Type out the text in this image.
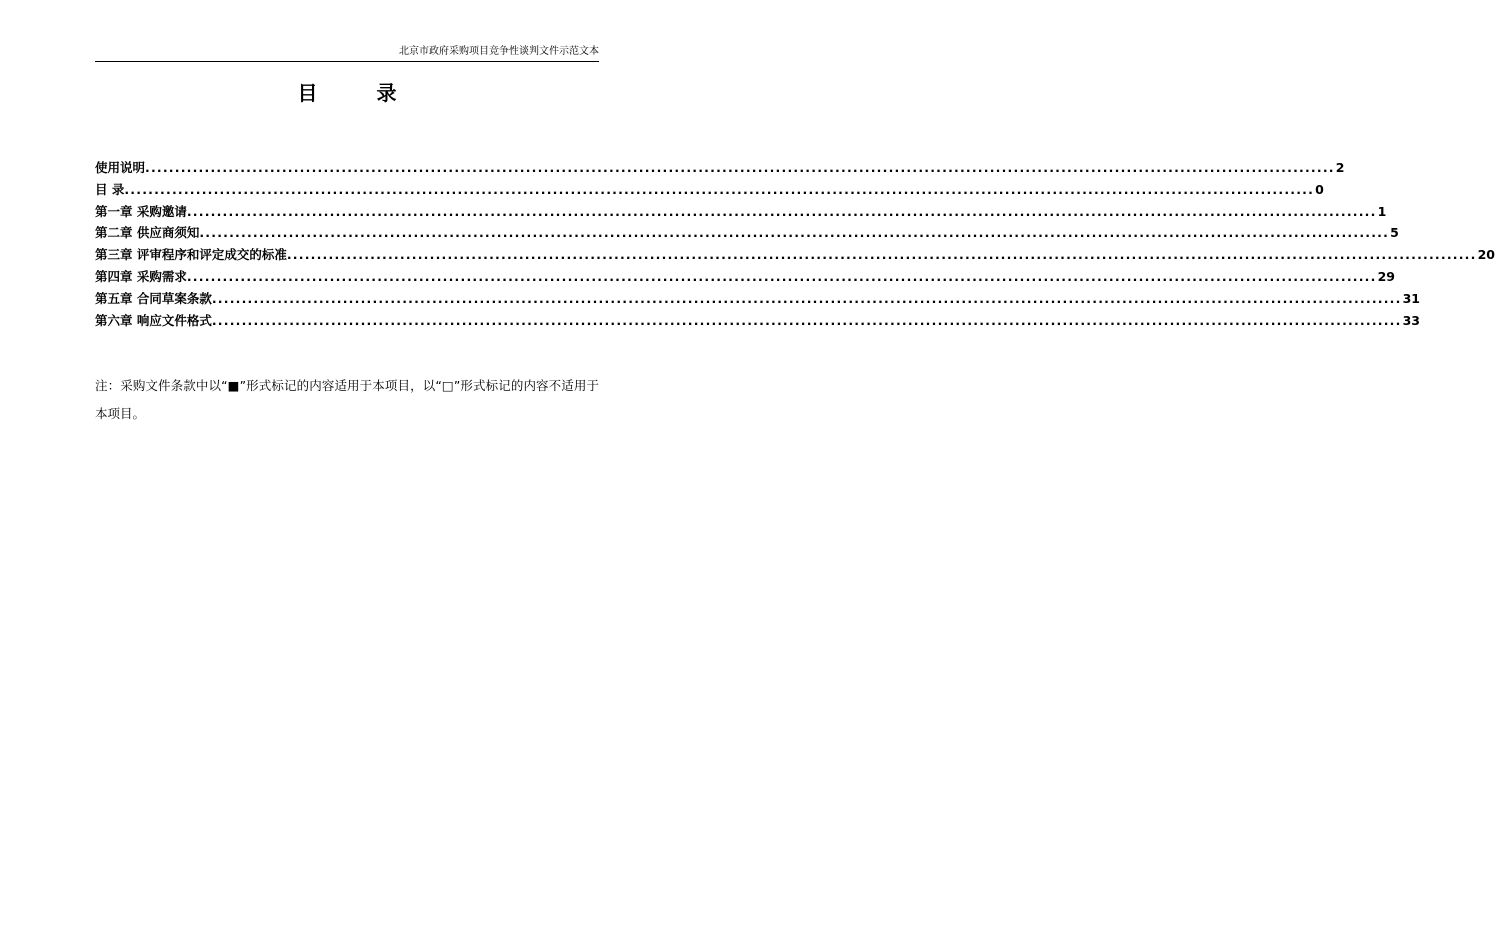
北京市政府采购项目竞争性谈判文件示范文本
目 录
使用说明 ........................................................................................................................................................................................................ 2
目 录 ........................................................................................................................................................................................................ 0
第一章 采购邀请 ........................................................................................................................................................................................................ 1
第二章 供应商须知 ........................................................................................................................................................................................................ 5
第三章 评审程序和评定成交的标准 ........................................................................................................................................................................................................ 20
第四章 采购需求 ........................................................................................................................................................................................................ 29
第五章 合同草案条款 ........................................................................................................................................................................................................ 31
第六章 响应文件格式 ........................................................................................................................................................................................................ 33
注：采购文件条款中以“■”形式标记的内容适用于本项目，以“□”形式标记的内容不适用于本项目。
